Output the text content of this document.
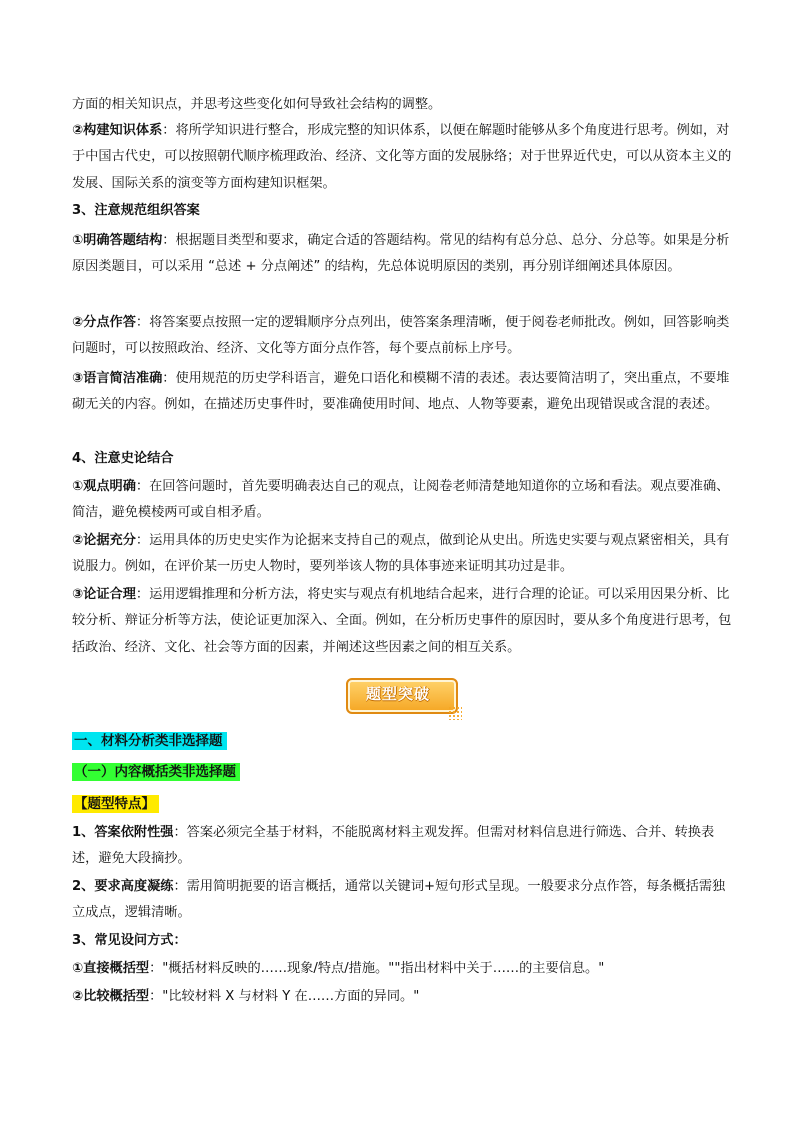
方面的相关知识点，并思考这些变化如何导致社会结构的调整。

②构建知识体系：将所学知识进行整合，形成完整的知识体系，以便在解题时能够从多个角度进行思考。例如，对于中国古代史，可以按照朝代顺序梳理政治、经济、文化等方面的发展脉络；对于世界近代史，可以从资本主义的发展、国际关系的演变等方面构建知识框架。

3、注意规范组织答案

①明确答题结构：根据题目类型和要求，确定合适的答题结构。常见的结构有总分总、总分、分总等。如果是分析原因类题目，可以采用 “总述 + 分点阐述” 的结构，先总体说明原因的类别，再分别详细阐述具体原因。

②分点作答：将答案要点按照一定的逻辑顺序分点列出，使答案条理清晰，便于阅卷老师批改。例如，回答影响类问题时，可以按照政治、经济、文化等方面分点作答，每个要点前标上序号。

③语言简洁准确：使用规范的历史学科语言，避免口语化和模糊不清的表述。表达要简洁明了，突出重点，不要堆砌无关的内容。例如，在描述历史事件时，要准确使用时间、地点、人物等要素，避免出现错误或含混的表述。

4、注意史论结合

①观点明确：在回答问题时，首先要明确表达自己的观点，让阅卷老师清楚地知道你的立场和看法。观点要准确、简洁，避免模棱两可或自相矛盾。

②论据充分：运用具体的历史史实作为论据来支持自己的观点，做到论从史出。所选史实要与观点紧密相关，具有说服力。例如，在评价某一历史人物时，要列举该人物的具体事迹来证明其功过是非。

③论证合理：运用逻辑推理和分析方法，将史实与观点有机地结合起来，进行合理的论证。可以采用因果分析、比较分析、辩证分析等方法，使论证更加深入、全面。例如，在分析历史事件的原因时，要从多个角度进行思考，包括政治、经济、文化、社会等方面的因素，并阐述这些因素之间的相互关系。

题型突破
一、材料分析类非选择题
（一）内容概括类非选择题
【题型特点】

1、答案依附性强：答案必须完全基于材料，不能脱离材料主观发挥。但需对材料信息进行筛选、合并、转换表述，避免大段摘抄。

2、要求高度凝练：需用简明扼要的语言概括，通常以关键词+短句形式呈现。一般要求分点作答，每条概括需独立成点，逻辑清晰。

3、常见设问方式：

①直接概括型："概括材料反映的……现象/特点/措施。""指出材料中关于……的主要信息。"

②比较概括型："比较材料 X 与材料 Y 在……方面的异同。"
